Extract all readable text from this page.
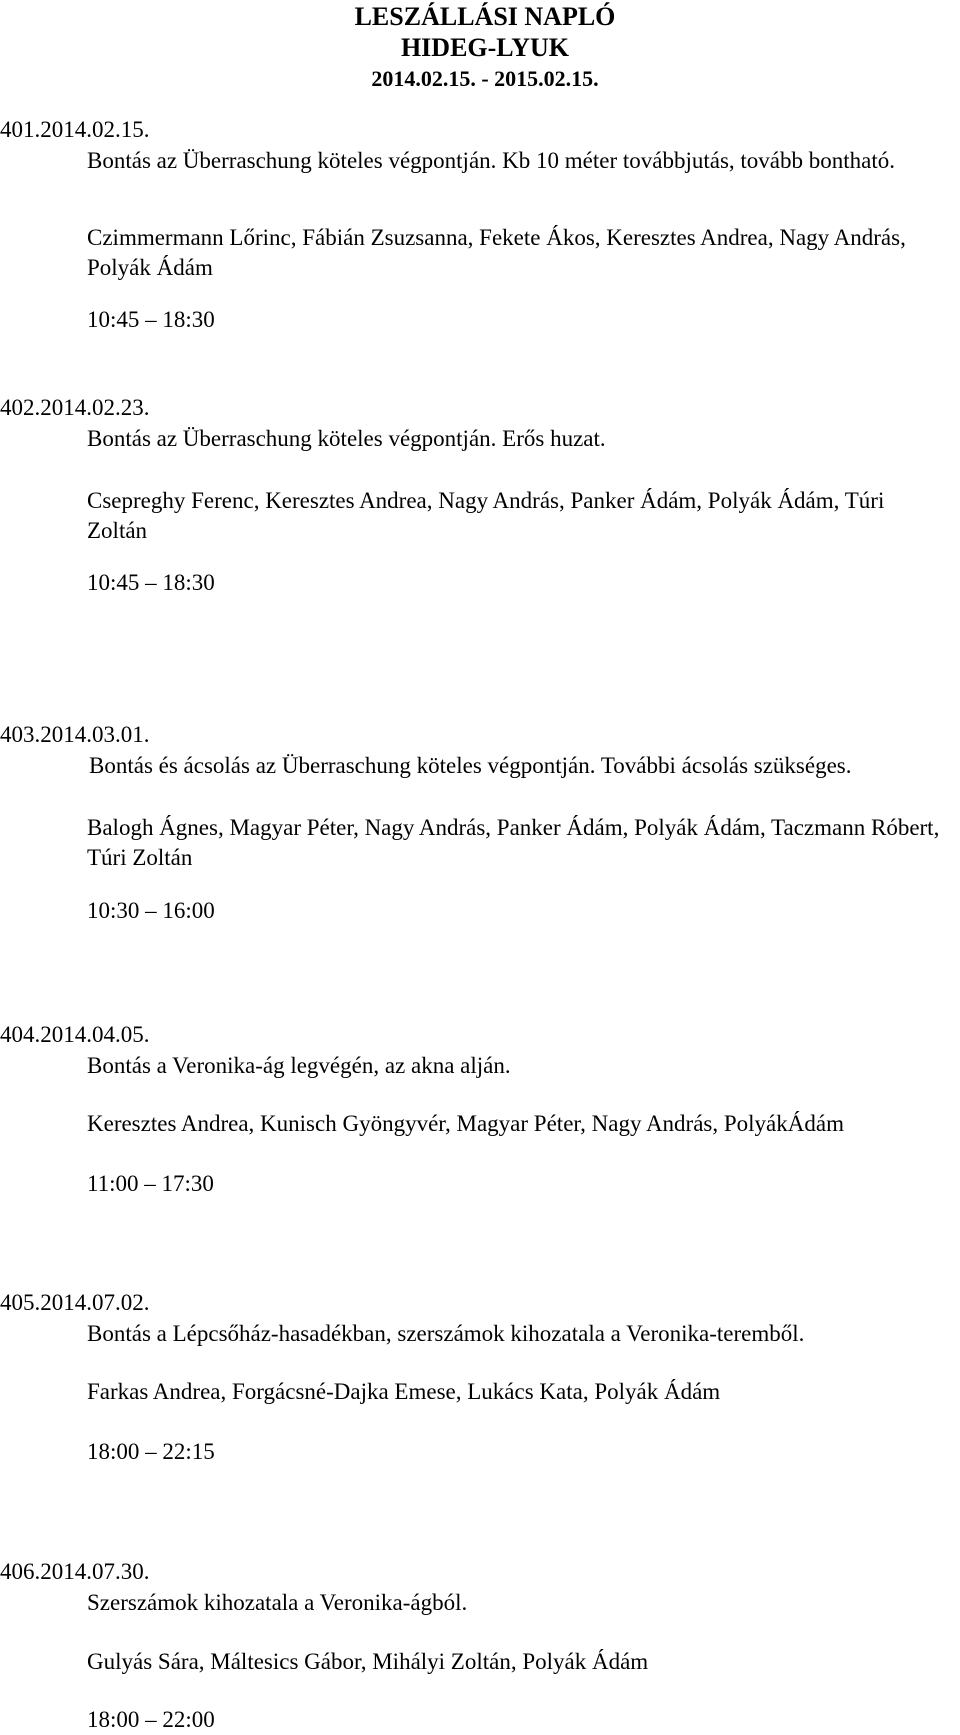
LESZÁLLÁSI NAPLÓ
HIDEG-LYUK
2014.02.15. - 2015.02.15.
401.2014.02.15.
Bontás az Überraschung köteles végpontján. Kb 10 méter továbbjutás, tovább bontható.
Czimmermann Lőrinc, Fábián Zsuzsanna, Fekete Ákos, Keresztes Andrea, Nagy András, Polyák Ádám
10:45 – 18:30
402.2014.02.23.
Bontás az Überraschung köteles végpontján. Erős huzat.
Csepreghy Ferenc, Keresztes Andrea, Nagy András, Panker Ádám, Polyák Ádám, Túri Zoltán
10:45 – 18:30
403.2014.03.01.
Bontás és ácsolás az Überraschung köteles végpontján. További ácsolás szükséges.
Balogh Ágnes, Magyar Péter, Nagy András, Panker Ádám, Polyák Ádám, Taczmann Róbert, Túri Zoltán
10:30 – 16:00
404.2014.04.05.
Bontás a Veronika-ág legvégén, az akna alján.
Keresztes Andrea, Kunisch Gyöngyvér, Magyar Péter, Nagy András, PolyákÁdám
11:00 – 17:30
405.2014.07.02.
Bontás a Lépcsőház-hasadékban, szerszámok kihozatala a Veronika-teremből.
Farkas Andrea, Forgácsné-Dajka Emese, Lukács Kata, Polyák Ádám
18:00 – 22:15
406.2014.07.30.
Szerszámok kihozatala a Veronika-ágból.
Gulyás Sára, Máltesics Gábor, Mihályi Zoltán, Polyák Ádám
18:00 – 22:00
